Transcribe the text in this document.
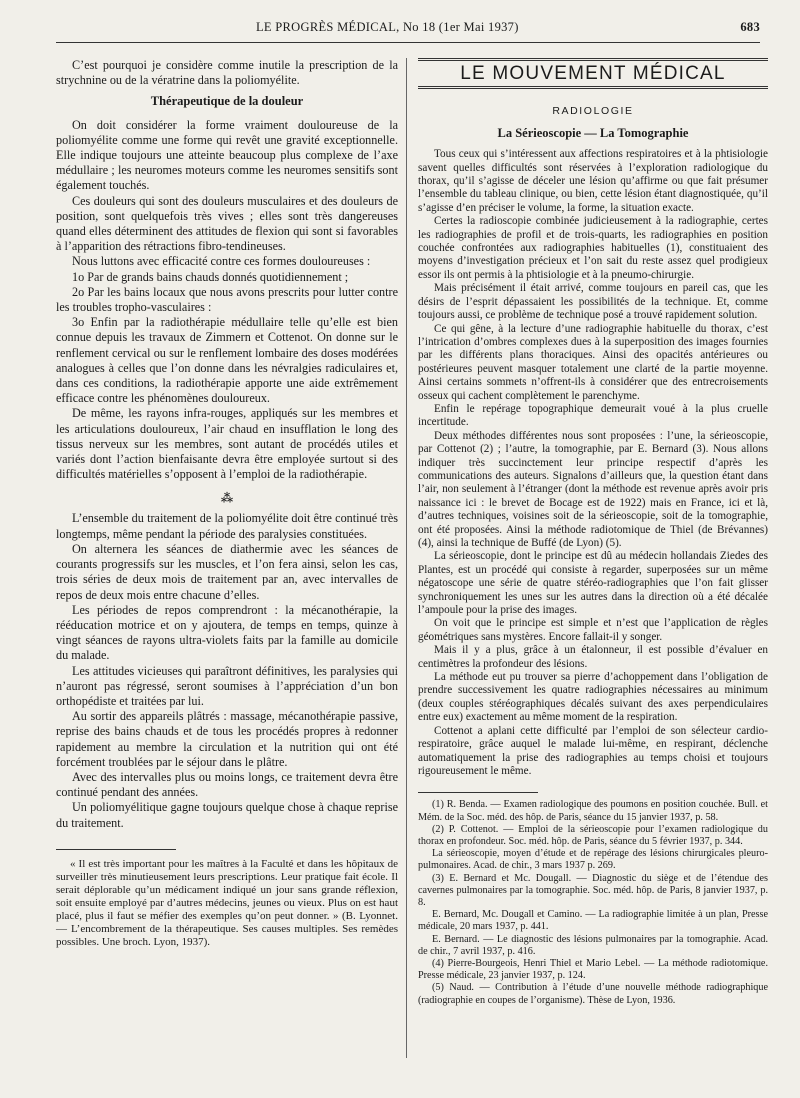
LE PROGRÈS MÉDICAL, No 18 (1er Mai 1937)	683

C’est pourquoi je considère comme inutile la prescription de la strychnine ou de la vératrine dans la poliomyélite.

Thérapeutique de la douleur

On doit considérer la forme vraiment douloureuse de la poliomyélite comme une forme qui revêt une gravité exceptionnelle. Elle indique toujours une atteinte beaucoup plus complexe de l’axe médullaire ; les neuromes moteurs comme les neuromes sensitifs sont également touchés.

Ces douleurs qui sont des douleurs musculaires et des douleurs de position, sont quelquefois très vives ; elles sont très dangereuses quand elles déterminent des attitudes de flexion qui sont si favorables à l’apparition des rétractions fibro-tendineuses.

Nous luttons avec efficacité contre ces formes douloureuses :

1o Par de grands bains chauds donnés quotidiennement ;

2o Par les bains locaux que nous avons prescrits pour lutter contre les troubles tropho-vasculaires :

3o Enfin par la radiothérapie médullaire telle qu’elle est bien connue depuis les travaux de Zimmern et Cottenot. On donne sur le renflement cervical ou sur le renflement lombaire des doses modérées analogues à celles que l’on donne dans les névralgies radiculaires et, dans ces conditions, la radiothérapie apporte une aide extrêmement efficace contre les phénomènes douloureux.

De même, les rayons infra-rouges, appliqués sur les membres et les articulations douloureux, l’air chaud en insufflation le long des tissus nerveux sur les membres, sont autant de procédés utiles et variés dont l’action bienfaisante devra être employée surtout si des difficultés matérielles s’opposent à l’emploi de la radiothérapie.

⁂

L’ensemble du traitement de la poliomyélite doit être continué très longtemps, même pendant la période des paralysies constituées.

On alternera les séances de diathermie avec les séances de courants progressifs sur les muscles, et l’on fera ainsi, selon les cas, trois séries de deux mois de traitement par an, avec intervalles de repos de deux mois entre chacune d’elles.

Les périodes de repos comprendront : la mécanothérapie, la rééducation motrice et on y ajoutera, de temps en temps, quinze à vingt séances de rayons ultra-violets faits par la famille au domicile du malade.

Les attitudes vicieuses qui paraîtront définitives, les paralysies qui n’auront pas régressé, seront soumises à l’appréciation d’un bon orthopédiste et traitées par lui.

Au sortir des appareils plâtrés : massage, mécanothérapie passive, reprise des bains chauds et de tous les procédés propres à redonner rapidement au membre la circulation et la nutrition qui ont été forcément troublées par le séjour dans le plâtre.

Avec des intervalles plus ou moins longs, ce traitement devra être continué pendant des années.

Un poliomyélitique gagne toujours quelque chose à chaque reprise du traitement.

« Il est très important pour les maîtres à la Faculté et dans les hôpitaux de surveiller très minutieusement leurs prescriptions. Leur pratique fait école. Il serait déplorable qu’un médicament indiqué un jour sans grande réflexion, soit ensuite employé par d’autres médecins, jeunes ou vieux. Plus on est haut placé, plus il faut se méfier des exemples qu’on peut donner. » (B. Lyonnet. — L’encombrement de la thérapeutique. Ses causes multiples. Ses remèdes possibles. Une broch. Lyon, 1937).

LE MOUVEMENT MÉDICAL
RADIOLOGIE
La Sérieoscopie — La Tomographie

Tous ceux qui s’intéressent aux affections respiratoires et à la phtisiologie savent quelles difficultés sont réservées à l’exploration radiologique du thorax, qu’il s’agisse de déceler une lésion qu’affirme ou que fait présumer l’ensemble du tableau clinique, ou bien, cette lésion étant diagnostiquée, qu’il s’agisse d’en préciser le volume, la forme, la situation exacte.

Certes la radioscopie combinée judicieusement à la radiographie, certes les radiographies de profil et de trois-quarts, les radiographies en position couchée confrontées aux radiographies habituelles (1), constituaient des moyens d’investigation précieux et l’on sait du reste assez quel prodigieux essor ils ont permis à la phtisiologie et à la pneumo-chirurgie.

Mais précisément il était arrivé, comme toujours en pareil cas, que les désirs de l’esprit dépassaient les possibilités de la technique. Et, comme toujours aussi, ce problème de technique posé a trouvé rapidement solution.

Ce qui gêne, à la lecture d’une radiographie habituelle du thorax, c’est l’intrication d’ombres complexes dues à la superposition des images fournies par les différents plans thoraciques. Ainsi des opacités antérieures ou postérieures peuvent masquer totalement une clarté de la partie moyenne. Ainsi certains sommets n’offrent-ils à considérer que des entrecroisements osseux qui cachent complètement le parenchyme.

Enfin le repérage topographique demeurait voué à la plus cruelle incertitude.

Deux méthodes différentes nous sont proposées : l’une, la sérieoscopie, par Cottenot (2) ; l’autre, la tomographie, par E. Bernard (3). Nous allons indiquer très succinctement leur principe respectif d’après les communications des auteurs. Signalons d’ailleurs que, la question étant dans l’air, non seulement à l’étranger (dont la méthode est revenue après avoir pris naissance ici : le brevet de Bocage est de 1922) mais en France, ici et là, d’autres techniques, voisines soit de la sérieoscopie, soit de la tomographie, ont été proposées. Ainsi la méthode radiotomique de Thiel (de Brévannes) (4), ainsi la technique de Buffé (de Lyon) (5).

La sérieoscopie, dont le principe est dû au médecin hollandais Ziedes des Plantes, est un procédé qui consiste à regarder, superposées sur un même négatoscope une série de quatre stéréo-radiographies que l’on fait glisser synchroniquement les unes sur les autres dans la direction où a été décalée l’ampoule pour la prise des images.

On voit que le principe est simple et n’est que l’application de règles géométriques sans mystères. Encore fallait-il y songer.

Mais il y a plus, grâce à un étalonneur, il est possible d’évaluer en centimètres la profondeur des lésions.

La méthode eut pu trouver sa pierre d’achoppement dans l’obligation de prendre successivement les quatre radiographies nécessaires au minimum (deux couples stéréographiques décalés suivant des axes perpendiculaires entre eux) exactement au même moment de la respiration.

Cottenot a aplani cette difficulté par l’emploi de son sélecteur cardio-respiratoire, grâce auquel le malade lui-même, en respirant, déclenche automatiquement la prise des radiographies au temps choisi et toujours rigoureusement le même.

(1) R. Benda. — Examen radiologique des poumons en position couchée. Bull. et Mém. de la Soc. méd. des hôp. de Paris, séance du 15 janvier 1937, p. 58.

(2) P. Cottenot. — Emploi de la sérieoscopie pour l’examen radiologique du thorax en profondeur. Soc. méd. hôp. de Paris, séance du 5 février 1937, p. 344.

La sérieoscopie, moyen d’étude et de repérage des lésions chirurgicales pleuro-pulmonaires. Acad. de chir., 3 mars 1937 p. 269.

(3) E. Bernard et Mc. Dougall. — Diagnostic du siège et de l’étendue des cavernes pulmonaires par la tomographie. Soc. méd. hôp. de Paris, 8 janvier 1937, p. 8.

E. Bernard, Mc. Dougall et Camino. — La radiographie limitée à un plan, Presse médicale, 20 mars 1937, p. 441.

E. Bernard. — Le diagnostic des lésions pulmonaires par la tomographie. Acad. de chir., 7 avril 1937, p. 416.

(4) Pierre-Bourgeois, Henri Thiel et Mario Lebel. — La méthode radiotomique. Presse médicale, 23 janvier 1937, p. 124.

(5) Naud. — Contribution à l’étude d’une nouvelle méthode radiographique (radiographie en coupes de l’organisme). Thèse de Lyon, 1936.
